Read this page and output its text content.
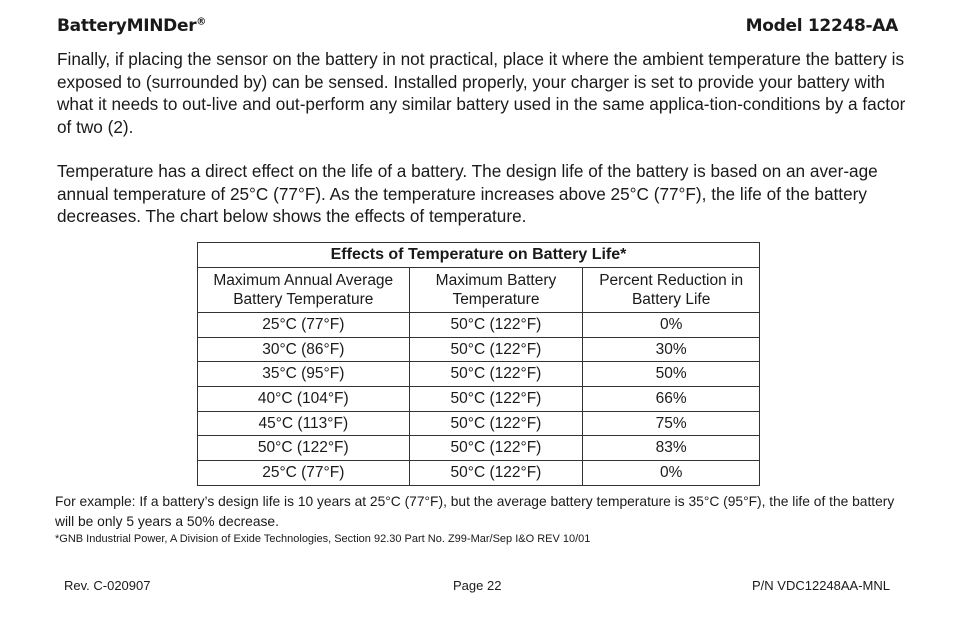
BatteryMINDer®	Model 12248-AA

Finally, if placing the sensor on the battery in not practical, place it where the ambient temperature the battery is exposed to (surrounded by) can be sensed. Installed properly, your charger is set to provide your battery with what it needs to out-live and out-perform any similar battery used in the same applica-tion-conditions by a factor of two (2).

Temperature has a direct effect on the life of a battery. The design life of the battery is based on an aver-age annual temperature of 25°C (77°F). As the temperature increases above 25°C (77°F), the life of the battery decreases. The chart below shows the effects of temperature.

Effects of Temperature on Battery Life*		
Maximum Annual Average Battery Temperature	Maximum Battery Temperature	Percent Reduction in Battery Life
25°C (77°F)	50°C (122°F)	0%
30°C (86°F)	50°C (122°F)	30%
35°C (95°F)	50°C (122°F)	50%
40°C (104°F)	50°C (122°F)	66%
45°C (113°F)	50°C (122°F)	75%
50°C (122°F)	50°C (122°F)	83%
25°C (77°F)	50°C (122°F)	0%

For example: If a battery’s design life is 10 years at 25°C (77°F), but the average battery temperature is 35°C (95°F), the life of the battery will be only 5 years a 50% decrease.

*GNB Industrial Power, A Division of Exide Technologies, Section 92.30 Part No. Z99-Mar/Sep I&O REV 10/01

Rev. C-020907	Page 22	P/N VDC12248AA-MNL
